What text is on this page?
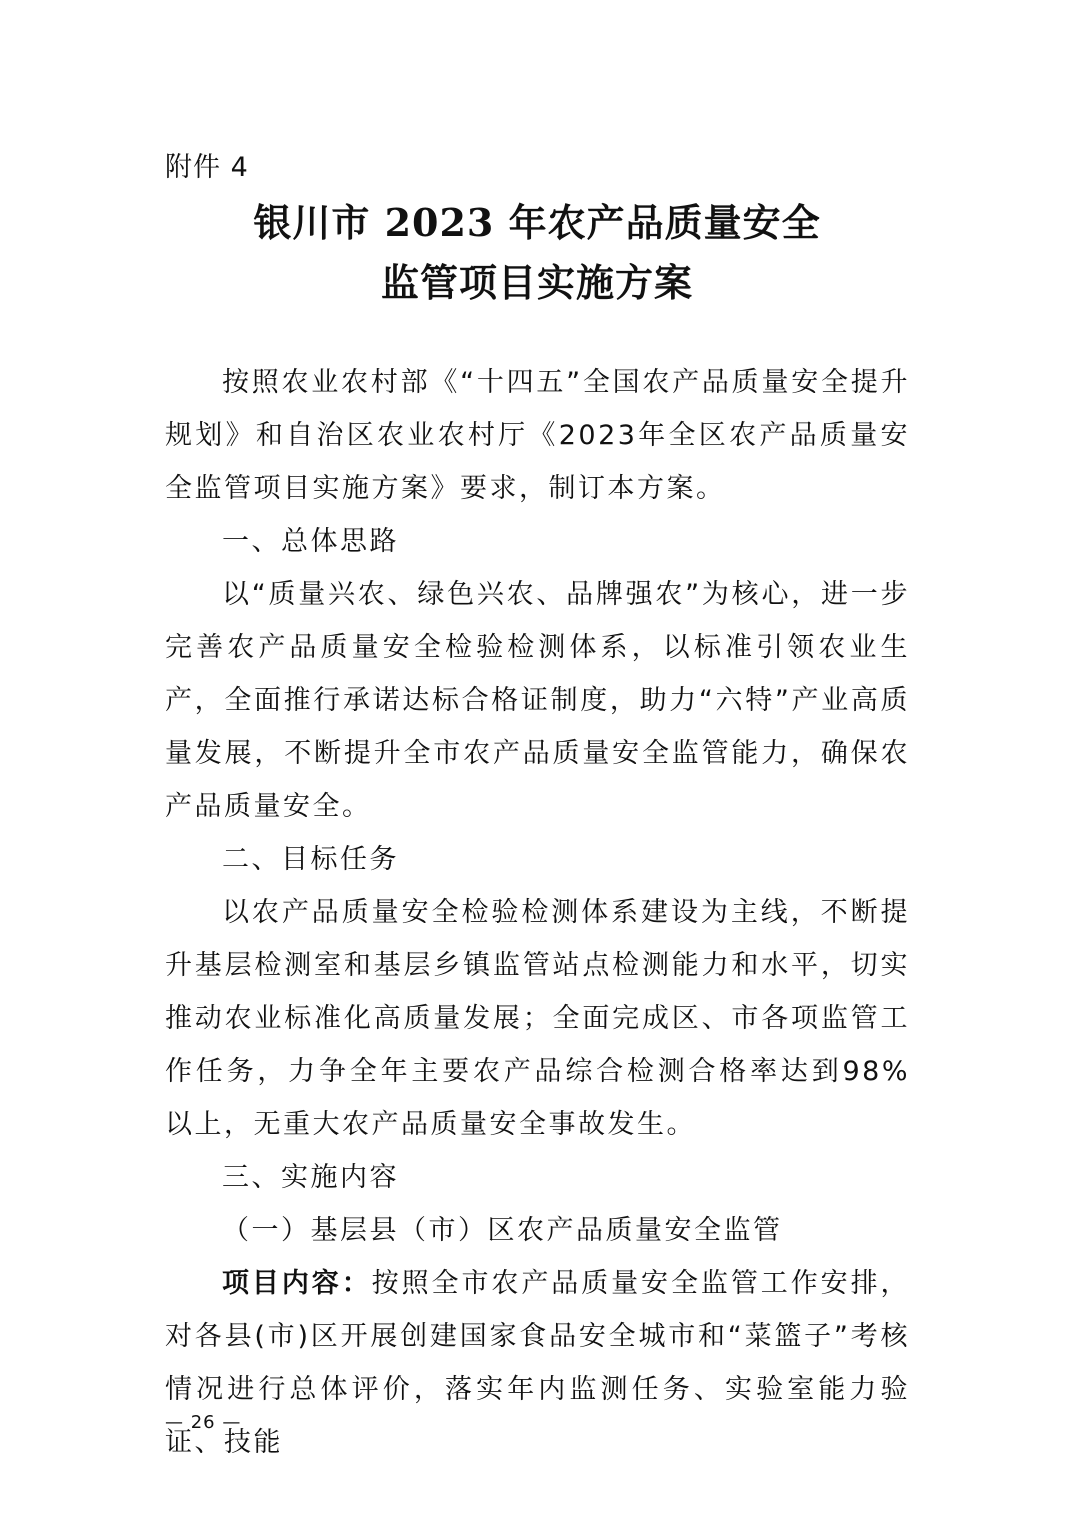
附件 4
银川市 2023 年农产品质量安全
监管项目实施方案

按照农业农村部《“十四五”全国农产品质量安全提升规划》和自治区农业农村厅《2023年全区农产品质量安全监管项目实施方案》要求，制订本方案。

一、总体思路

以“质量兴农、绿色兴农、品牌强农”为核心，进一步完善农产品质量安全检验检测体系，以标准引领农业生产，全面推行承诺达标合格证制度，助力“六特”产业高质量发展，不断提升全市农产品质量安全监管能力，确保农产品质量安全。

二、目标任务

以农产品质量安全检验检测体系建设为主线，不断提升基层检测室和基层乡镇监管站点检测能力和水平，切实推动农业标准化高质量发展；全面完成区、市各项监管工作任务，力争全年主要农产品综合检测合格率达到98%以上，无重大农产品质量安全事故发生。

三、实施内容

（一）基层县（市）区农产品质量安全监管

项目内容：按照全市农产品质量安全监管工作安排，对各县(市)区开展创建国家食品安全城市和“菜篮子”考核情况进行总体评价，落实年内监测任务、实验室能力验证、技能

— 26 —
